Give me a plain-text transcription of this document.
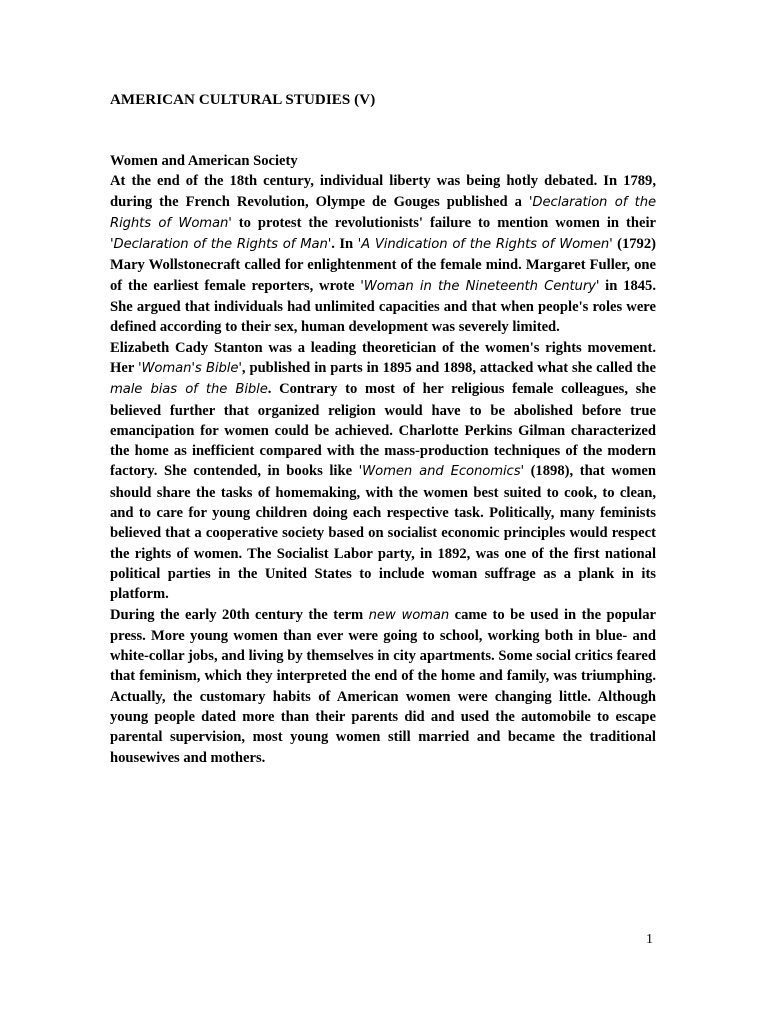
AMERICAN CULTURAL STUDIES (V)
Women and American Society

At the end of the 18th century, individual liberty was being hotly debated. In 1789, during the French Revolution, Olympe de Gouges published a 'Declaration of the Rights of Woman' to protest the revolutionists' failure to mention women in their 'Declaration of the Rights of Man'. In 'A Vindication of the Rights of Women' (1792) Mary Wollstonecraft called for enlightenment of the female mind. Margaret Fuller, one of the earliest female reporters, wrote 'Woman in the Nineteenth Century' in 1845. She argued that individuals had unlimited capacities and that when people's roles were defined according to their sex, human development was severely limited.

Elizabeth Cady Stanton was a leading theoretician of the women's rights movement. Her 'Woman's Bible', published in parts in 1895 and 1898, attacked what she called the male bias of the Bible. Contrary to most of her religious female colleagues, she believed further that organized religion would have to be abolished before true emancipation for women could be achieved. Charlotte Perkins Gilman characterized the home as inefficient compared with the mass-production techniques of the modern factory. She contended, in books like 'Women and Economics' (1898), that women should share the tasks of homemaking, with the women best suited to cook, to clean, and to care for young children doing each respective task. Politically, many feminists believed that a cooperative society based on socialist economic principles would respect the rights of women. The Socialist Labor party, in 1892, was one of the first national political parties in the United States to include woman suffrage as a plank in its platform.

During the early 20th century the term new woman came to be used in the popular press. More young women than ever were going to school, working both in blue- and white-collar jobs, and living by themselves in city apartments. Some social critics feared that feminism, which they interpreted the end of the home and family, was triumphing. Actually, the customary habits of American women were changing little. Although young people dated more than their parents did and used the automobile to escape parental supervision, most young women still married and became the traditional housewives and mothers.

1
